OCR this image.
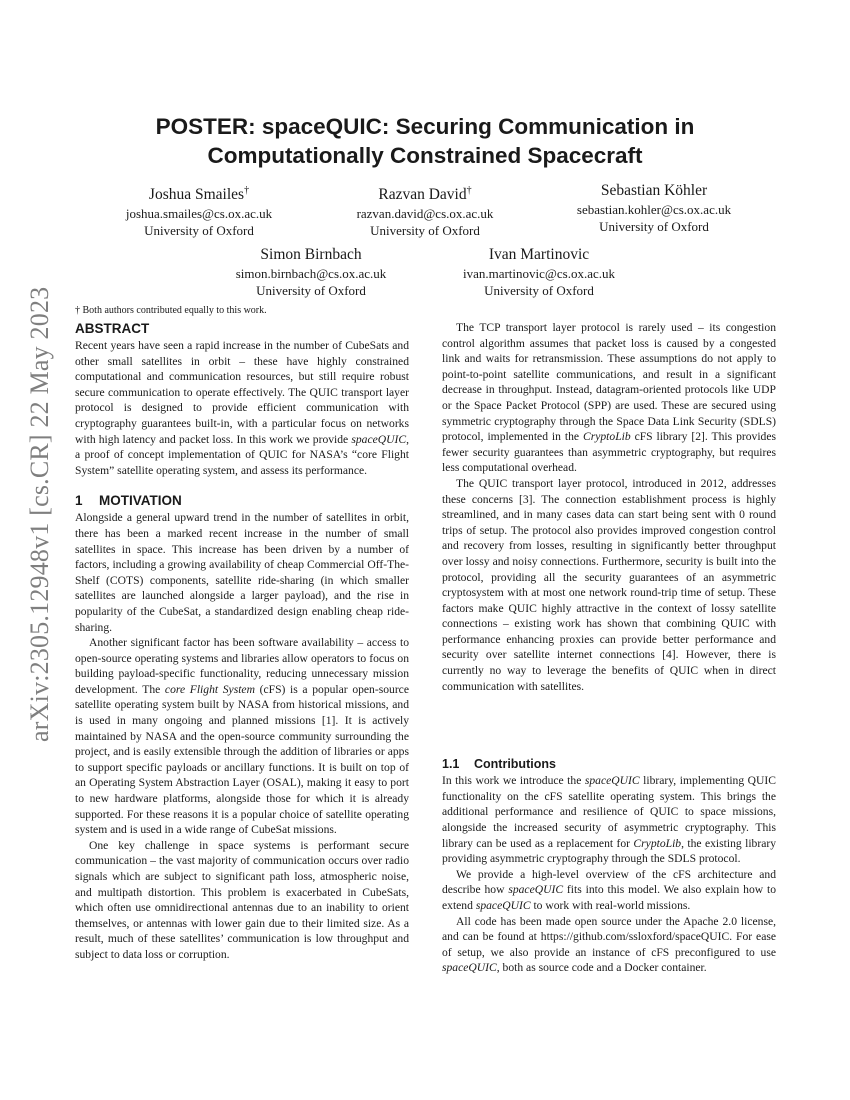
arXiv:2305.12948v1 [cs.CR] 22 May 2023
POSTER: spaceQUIC: Securing Communication in
Computationally Constrained Spacecraft
Joshua Smailes†
joshua.smailes@cs.ox.ac.uk
University of Oxford
Razvan David†
razvan.david@cs.ox.ac.uk
University of Oxford
Sebastian Köhler
sebastian.kohler@cs.ox.ac.uk
University of Oxford
Simon Birnbach
simon.birnbach@cs.ox.ac.uk
University of Oxford
Ivan Martinovic
ivan.martinovic@cs.ox.ac.uk
University of Oxford
† Both authors contributed equally to this work.
ABSTRACT

Recent years have seen a rapid increase in the number of CubeSats and other small satellites in orbit – these have highly constrained computational and communication resources, but still require robust secure communication to operate effectively. The QUIC transport layer protocol is designed to provide efficient communication with cryptography guarantees built-in, with a particular focus on networks with high latency and packet loss. In this work we provide spaceQUIC, a proof of concept implementation of QUIC for NASA’s “core Flight System” satellite operating system, and assess its performance.

1 MOTIVATION

Alongside a general upward trend in the number of satellites in orbit, there has been a marked recent increase in the number of small satellites in space. This increase has been driven by a number of factors, including a growing availability of cheap Commercial Off-The-Shelf (COTS) components, satellite ride-sharing (in which smaller satellites are launched alongside a larger payload), and the rise in popularity of the CubeSat, a standardized design enabling cheap ride-sharing.

Another significant factor has been software availability – access to open-source operating systems and libraries allow operators to focus on building payload-specific functionality, reducing unnecessary mission development. The core Flight System (cFS) is a popular open-source satellite operating system built by NASA from historical missions, and is used in many ongoing and planned missions [1]. It is actively maintained by NASA and the open-source community surrounding the project, and is easily extensible through the addition of libraries or apps to support specific payloads or ancillary functions. It is built on top of an Operating System Abstraction Layer (OSAL), making it easy to port to new hardware platforms, alongside those for which it is already supported. For these reasons it is a popular choice of satellite operating system and is used in a wide range of CubeSat missions.

One key challenge in space systems is performant secure communication – the vast majority of communication occurs over radio signals which are subject to significant path loss, atmospheric noise, and multipath distortion. This problem is exacerbated in CubeSats, which often use omnidirectional antennas due to an inability to orient themselves, or antennas with lower gain due to their limited size. As a result, much of these satellites’ communication is low throughput and subject to data loss or corruption.

The TCP transport layer protocol is rarely used – its congestion control algorithm assumes that packet loss is caused by a congested link and waits for retransmission. These assumptions do not apply to point-to-point satellite communications, and result in a significant decrease in throughput. Instead, datagram-oriented protocols like UDP or the Space Packet Protocol (SPP) are used. These are secured using symmetric cryptography through the Space Data Link Security (SDLS) protocol, implemented in the CryptoLib cFS library [2]. This provides fewer security guarantees than asymmetric cryptography, but requires less computational overhead.

The QUIC transport layer protocol, introduced in 2012, addresses these concerns [3]. The connection establishment process is highly streamlined, and in many cases data can start being sent with 0 round trips of setup. The protocol also provides improved congestion control and recovery from losses, resulting in significantly better throughput over lossy and noisy connections. Furthermore, security is built into the protocol, providing all the security guarantees of an asymmetric cryptosystem with at most one network round-trip time of setup. These factors make QUIC highly attractive in the context of lossy satellite connections – existing work has shown that combining QUIC with performance enhancing proxies can provide better performance and security over satellite internet connections [4]. However, there is currently no way to leverage the benefits of QUIC when in direct communication with satellites.

1.1 Contributions

In this work we introduce the spaceQUIC library, implementing QUIC functionality on the cFS satellite operating system. This brings the additional performance and resilience of QUIC to space missions, alongside the increased security of asymmetric cryptography. This library can be used as a replacement for CryptoLib, the existing library providing asymmetric cryptography through the SDLS protocol.

We provide a high-level overview of the cFS architecture and describe how spaceQUIC fits into this model. We also explain how to extend spaceQUIC to work with real-world missions.

All code has been made open source under the Apache 2.0 license, and can be found at https://github.com/ssloxford/spaceQUIC. For ease of setup, we also provide an instance of cFS preconfigured to use spaceQUIC, both as source code and a Docker container.
